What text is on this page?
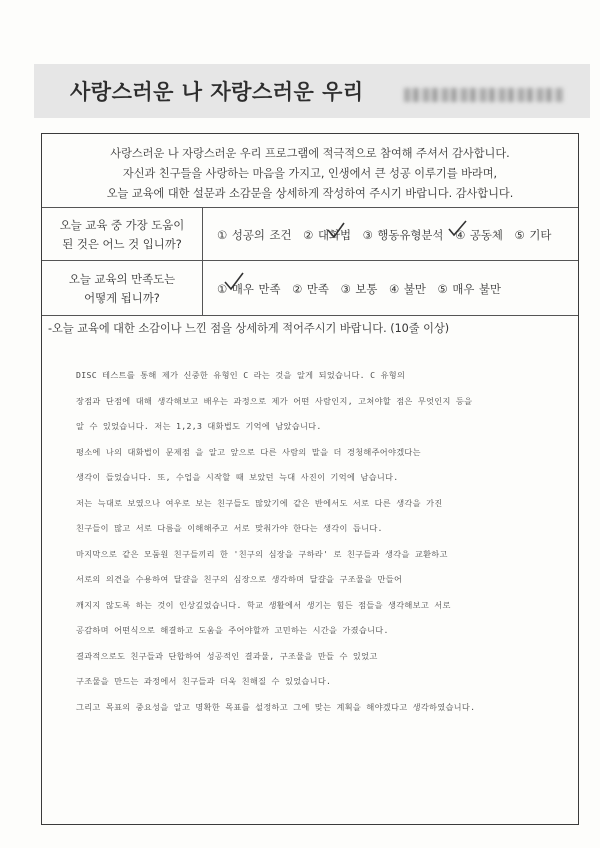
사랑스러운 나 자랑스러운 우리
사랑스러운 나 자랑스러운 우리 프로그램에 적극적으로 참여해 주셔서 감사합니다.
자신과 친구들을 사랑하는 마음을 가지고, 인생에서 큰 성공 이루기를 바라며,
오늘 교육에 대한 설문과 소감문을 상세하게 작성하여 주시기 바랍니다. 감사합니다.
오늘 교육 중 가장 도움이
된 것은 어느 것 입니까?
① 성공의 조건 ② 대화법 ③ 행동유형분석 ④ 공동체 ⑤ 기타
오늘 교육의 만족도는
어떻게 됩니까?
① 매우 만족 ② 만족 ③ 보통 ④ 불만 ⑤ 매우 불만
-오늘 교육에 대한 소감이나 느낀 점을 상세하게 적어주시기 바랍니다. (10줄 이상)
DISC 테스트를 통해 제가 신중한 유형인 C 라는 것을 알게 되었습니다. C 유형의
장점과 단점에 대해 생각해보고 배우는 과정으로 제가 어떤 사람인지, 고쳐야할 점은 무엇인지 등을
알 수 있었습니다. 저는 1,2,3 대화법도 기억에 남았습니다.
평소에 나의 대화법이 문제점 을 알고 앞으로 다른 사람의 말을 더 경청해주어야겠다는
생각이 들었습니다. 또, 수업을 시작할 때 보았던 늑대 사진이 기억에 남습니다.
저는 늑대로 보였으나 여우로 보는 친구들도 많았기에 같은 반에서도 서로 다른 생각을 가진
친구들이 많고 서로 다름을 이해해주고 서로 맞춰가야 한다는 생각이 듭니다.
마지막으로 같은 모둠원 친구들끼리 한 '친구의 심장을 구하라' 로 친구들과 생각을 교환하고
서로의 의견을 수용하여 달걀을 친구의 심장으로 생각하며 달걀을 구조물을 만들어
깨지지 않도록 하는 것이 인상깊었습니다. 학교 생활에서 생기는 힘든 점들을 생각해보고 서로
공감하며 어떤식으로 해결하고 도움을 주어야할까 고민하는 시간을 가졌습니다.
결과적으로도 친구들과 단합하여 성공적인 결과물, 구조물을 만들 수 있었고
구조물을 만드는 과정에서 친구들과 더욱 친해질 수 있었습니다.
그리고 목표의 중요성을 알고 명확한 목표를 설정하고 그에 맞는 계획을 해야겠다고 생각하였습니다.
